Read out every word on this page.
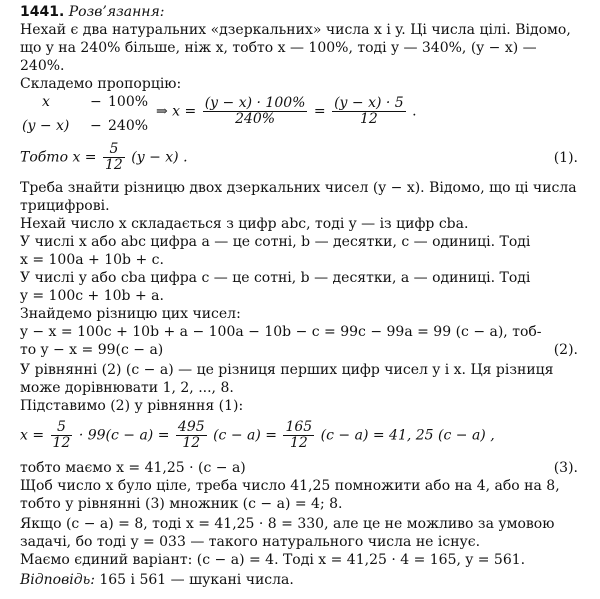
1441. Розв’язання:
Нехай є два натуральних «дзеркальних» числа x і y. Ці числа цілі. Відомо,
що y на 240% більше, ніж x, тобто x — 100%, тоді y — 340%, (y − x) —
240%.
Складемо пропорцію:
x	− 100%
(y − x) − 240%
⇒ $x = \frac{(y - x) \cdot 100\%}{240\%} = \frac{(y - x) \cdot 5}{12}$ .
Тобто $x = \frac{5}{12} (y - x)$ .	(1).
Треба знайти різницю двох дзеркальних чисел (y − x). Відомо, що ці числа
трицифрові.
Нехай число x складається з цифр abc, тоді y — із цифр cba.
У числі x або abc цифра a — це сотні, b — десятки, c — одиниці. Тоді
x = 100a + 10b + c.
У числі y або cba цифра c — це сотні, b — десятки, a — одиниці. Тоді
y = 100c + 10b + a.
Знайдемо різницю цих чисел:
y − x = 100c + 10b + a − 100a − 10b − c = 99c − 99a = 99 (c − a), тоб-
то y − x = 99(c − a)	(2).
У рівнянні (2) (c − a) — це різниця перших цифр чисел y і x. Ця різниця
може дорівнювати 1, 2, ..., 8.
Підставимо (2) у рівняння (1):
$x = \frac{5}{12} \cdot 99(c - a) = \frac{495}{12} (c - a) = \frac{165}{12} (c - a) = 41$, 25 (c − a) ,
тобто маємо x = 41,25 · (c − a)	(3).
Щоб число x було ціле, треба число 41,25 помножити або на 4, або на 8,
тобто у рівнянні (3) множник (c − a) = 4; 8.
Якщо (c − a) = 8, тоді x = 41,25 · 8 = 330, але це не можливо за умовою
задачі, бо тоді y = 033 — такого натурального числа не існує.
Маємо єдиний варіант: (c − a) = 4. Тоді x = 41,25 · 4 = 165, y = 561.
Відповідь: 165 і 561 — шукані числа.
